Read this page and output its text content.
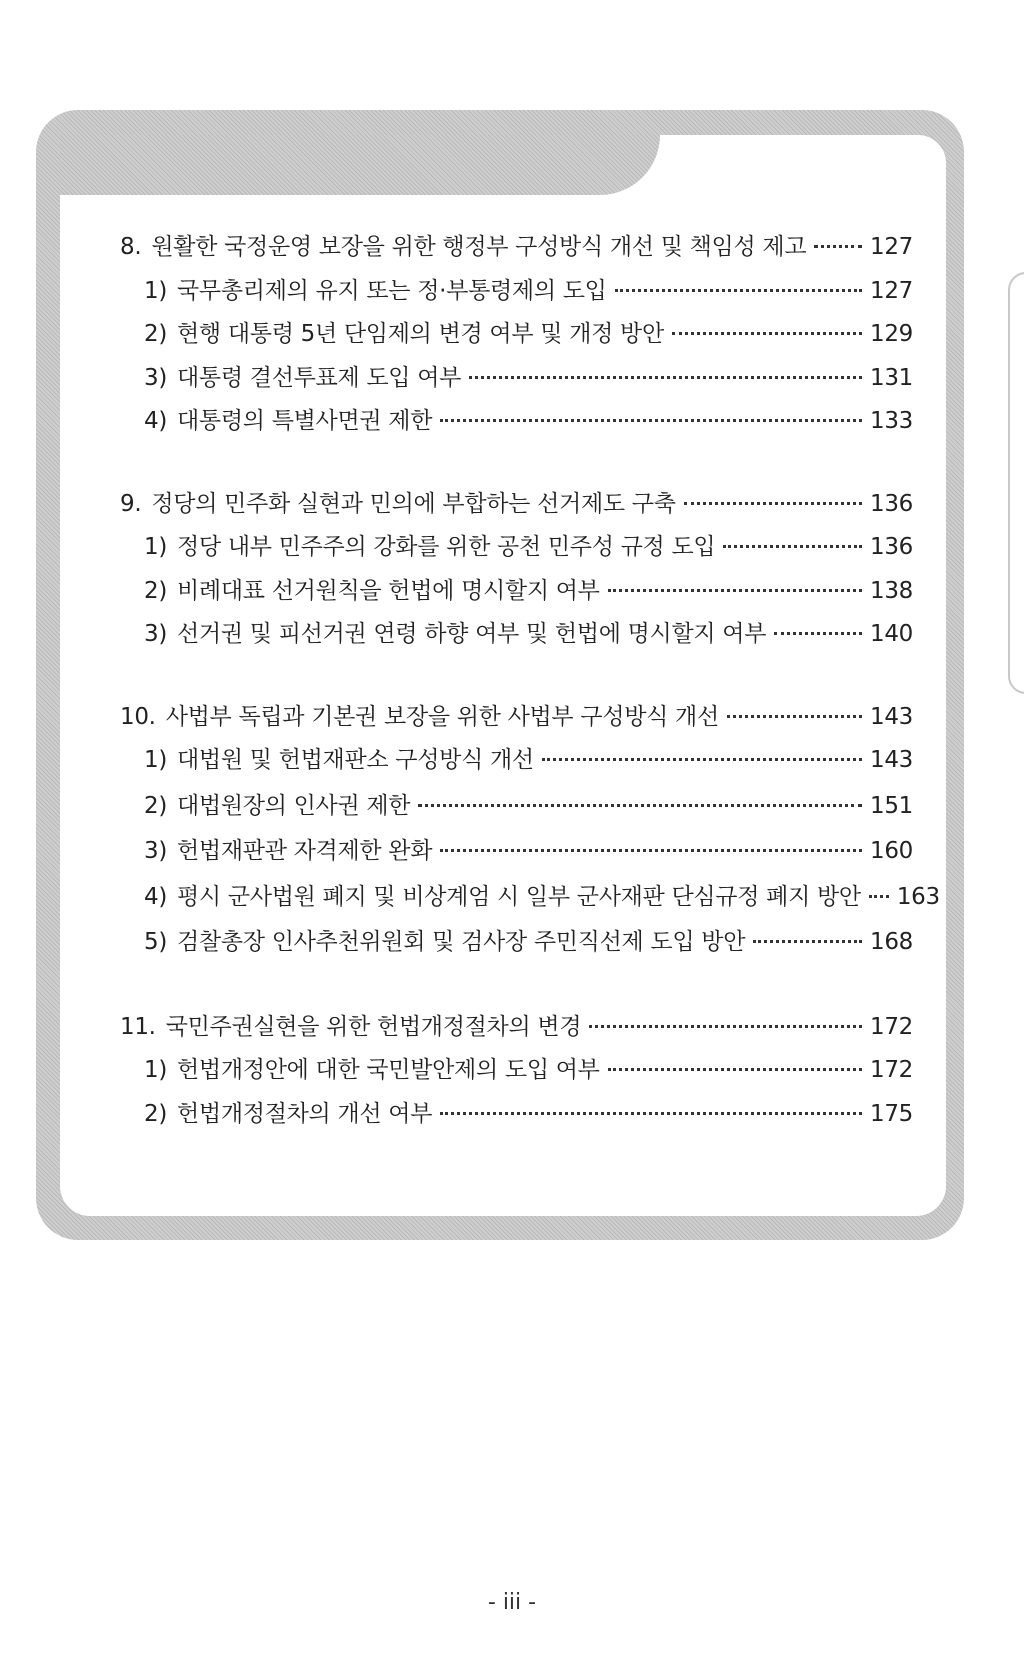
8. 원활한 국정운영 보장을 위한 행정부 구성방식 개선 및 책임성 제고	127
1) 국무총리제의 유지 또는 정·부통령제의 도입	127
2) 현행 대통령 5년 단임제의 변경 여부 및 개정 방안	129
3) 대통령 결선투표제 도입 여부	131
4) 대통령의 특별사면권 제한	133
9. 정당의 민주화 실현과 민의에 부합하는 선거제도 구축	136
1) 정당 내부 민주주의 강화를 위한 공천 민주성 규정 도입	136
2) 비례대표 선거원칙을 헌법에 명시할지 여부	138
3) 선거권 및 피선거권 연령 하향 여부 및 헌법에 명시할지 여부	140
10. 사법부 독립과 기본권 보장을 위한 사법부 구성방식 개선	143
1) 대법원 및 헌법재판소 구성방식 개선	143
2) 대법원장의 인사권 제한	151
3) 헌법재판관 자격제한 완화	160
4) 평시 군사법원 폐지 및 비상계엄 시 일부 군사재판 단심규정 폐지 방안 163
5) 검찰총장 인사추천위원회 및 검사장 주민직선제 도입 방안	168
11. 국민주권실현을 위한 헌법개정절차의 변경	172
1) 헌법개정안에 대한 국민발안제의 도입 여부	172
2) 헌법개정절차의 개선 여부	175
- iii -
